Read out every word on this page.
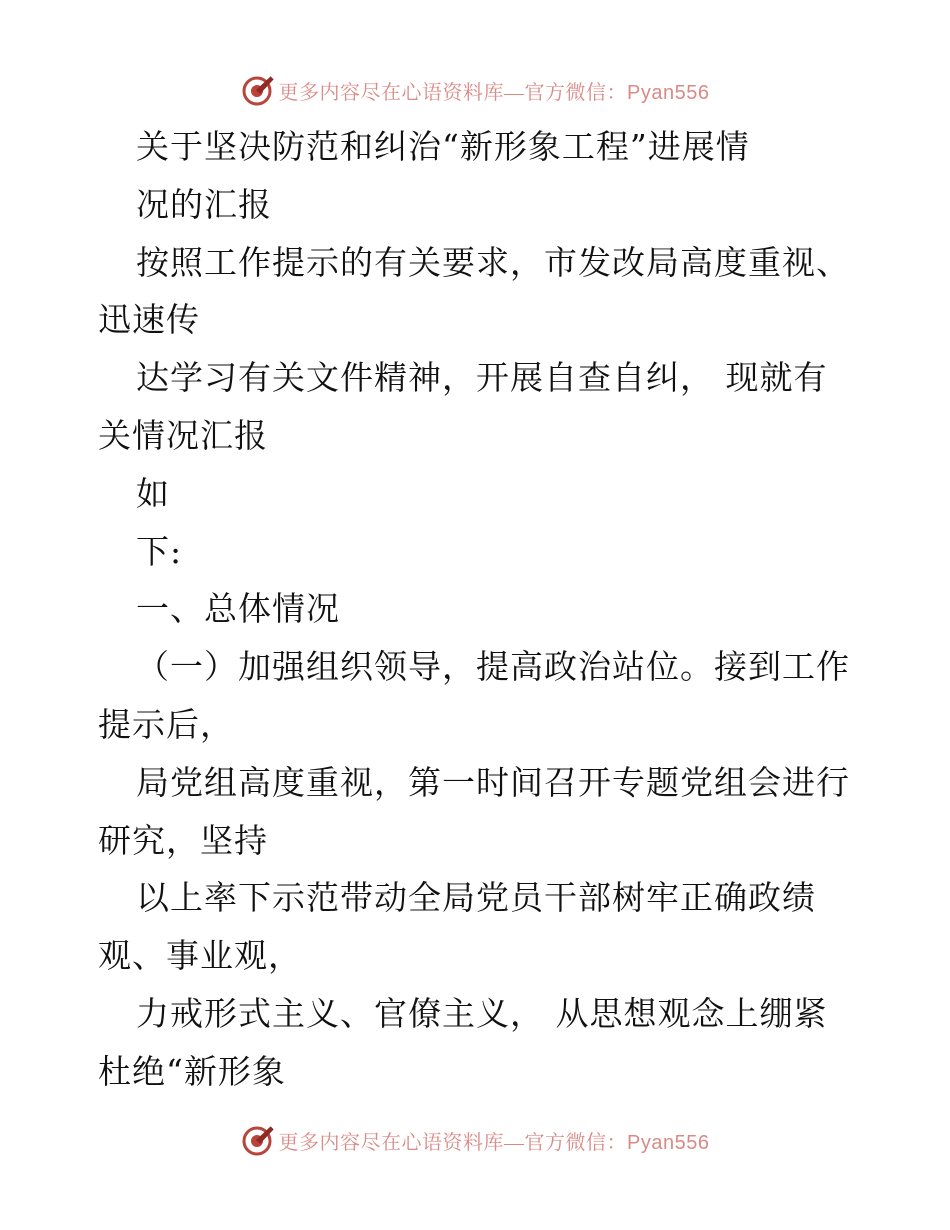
更多内容尽在心语资料库—官方微信：Pyan556
关于坚决防范和纠治“新形象工程”进展情
况的汇报
按照工作提示的有关要求，市发改局高度重视、
迅速传
达学习有关文件精神，开展自查自纠， 现就有
关情况汇报
如
下:
一、总体情况
（一）加强组织领导，提高政治站位。接到工作
提示后，
局党组高度重视，第一时间召开专题党组会进行
研究，坚持
以上率下示范带动全局党员干部树牢正确政绩
观、事业观，
力戒形式主义、官僚主义， 从思想观念上绷紧
杜绝“新形象
更多内容尽在心语资料库—官方微信：Pyan556
